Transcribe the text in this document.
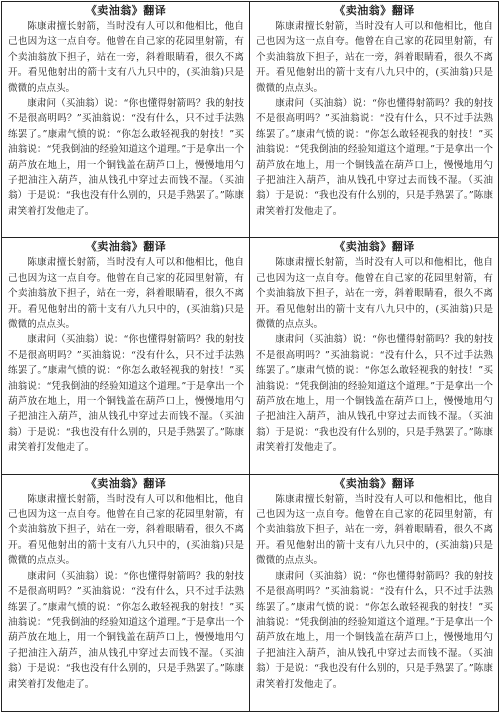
《卖油翁》翻译

陈康肃擅长射箭，当时没有人可以和他相比，他自己也因为这一点自夸。他曾在自己家的花园里射箭，有个卖油翁放下担子，站在一旁，斜着眼睛看，很久不离开。看见他射出的箭十支有八九只中的，(买油翁)只是微微的点点头。

康肃问（买油翁）说：“你也懂得射箭吗？我的射技不是很高明吗？”买油翁说：“没有什么，只不过手法熟练罢了。”康肃气愤的说：“你怎么敢轻视我的射技！”买油翁说：“凭我倒油的经验知道这个道理。”于是拿出一个葫芦放在地上，用一个铜钱盖在葫芦口上，慢慢地用勺子把油注入葫芦，油从钱孔中穿过去而钱不湿。（买油翁）于是说：“我也没有什么别的，只是手熟罢了。”陈康肃笑着打发他走了。

《卖油翁》翻译

陈康肃擅长射箭，当时没有人可以和他相比，他自己也因为这一点自夸。他曾在自己家的花园里射箭，有个卖油翁放下担子，站在一旁，斜着眼睛看，很久不离开。看见他射出的箭十支有八九只中的，(买油翁)只是微微的点点头。

康肃问（买油翁）说：“你也懂得射箭吗？我的射技不是很高明吗？”买油翁说：“没有什么，只不过手法熟练罢了。”康肃气愤的说：“你怎么敢轻视我的射技！”买油翁说：“凭我倒油的经验知道这个道理。”于是拿出一个葫芦放在地上，用一个铜钱盖在葫芦口上，慢慢地用勺子把油注入葫芦，油从钱孔中穿过去而钱不湿。（买油翁）于是说：“我也没有什么别的，只是手熟罢了。”陈康肃笑着打发他走了。

《卖油翁》翻译

陈康肃擅长射箭，当时没有人可以和他相比，他自己也因为这一点自夸。他曾在自己家的花园里射箭，有个卖油翁放下担子，站在一旁，斜着眼睛看，很久不离开。看见他射出的箭十支有八九只中的，(买油翁)只是微微的点点头。

康肃问（买油翁）说：“你也懂得射箭吗？我的射技不是很高明吗？”买油翁说：“没有什么，只不过手法熟练罢了。”康肃气愤的说：“你怎么敢轻视我的射技！”买油翁说：“凭我倒油的经验知道这个道理。”于是拿出一个葫芦放在地上，用一个铜钱盖在葫芦口上，慢慢地用勺子把油注入葫芦，油从钱孔中穿过去而钱不湿。（买油翁）于是说：“我也没有什么别的，只是手熟罢了。”陈康肃笑着打发他走了。

《卖油翁》翻译

陈康肃擅长射箭，当时没有人可以和他相比，他自己也因为这一点自夸。他曾在自己家的花园里射箭，有个卖油翁放下担子，站在一旁，斜着眼睛看，很久不离开。看见他射出的箭十支有八九只中的，(买油翁)只是微微的点点头。

康肃问（买油翁）说：“你也懂得射箭吗？我的射技不是很高明吗？”买油翁说：“没有什么，只不过手法熟练罢了。”康肃气愤的说：“你怎么敢轻视我的射技！”买油翁说：“凭我倒油的经验知道这个道理。”于是拿出一个葫芦放在地上，用一个铜钱盖在葫芦口上，慢慢地用勺子把油注入葫芦，油从钱孔中穿过去而钱不湿。（买油翁）于是说：“我也没有什么别的，只是手熟罢了。”陈康肃笑着打发他走了。

《卖油翁》翻译

陈康肃擅长射箭，当时没有人可以和他相比，他自己也因为这一点自夸。他曾在自己家的花园里射箭，有个卖油翁放下担子，站在一旁，斜着眼睛看，很久不离开。看见他射出的箭十支有八九只中的，(买油翁)只是微微的点点头。

康肃问（买油翁）说：“你也懂得射箭吗？我的射技不是很高明吗？”买油翁说：“没有什么，只不过手法熟练罢了。”康肃气愤的说：“你怎么敢轻视我的射技！”买油翁说：“凭我倒油的经验知道这个道理。”于是拿出一个葫芦放在地上，用一个铜钱盖在葫芦口上，慢慢地用勺子把油注入葫芦，油从钱孔中穿过去而钱不湿。（买油翁）于是说：“我也没有什么别的，只是手熟罢了。”陈康肃笑着打发他走了。

《卖油翁》翻译

陈康肃擅长射箭，当时没有人可以和他相比，他自己也因为这一点自夸。他曾在自己家的花园里射箭，有个卖油翁放下担子，站在一旁，斜着眼睛看，很久不离开。看见他射出的箭十支有八九只中的，(买油翁)只是微微的点点头。

康肃问（买油翁）说：“你也懂得射箭吗？我的射技不是很高明吗？”买油翁说：“没有什么，只不过手法熟练罢了。”康肃气愤的说：“你怎么敢轻视我的射技！”买油翁说：“凭我倒油的经验知道这个道理。”于是拿出一个葫芦放在地上，用一个铜钱盖在葫芦口上，慢慢地用勺子把油注入葫芦，油从钱孔中穿过去而钱不湿。（买油翁）于是说：“我也没有什么别的，只是手熟罢了。”陈康肃笑着打发他走了。
